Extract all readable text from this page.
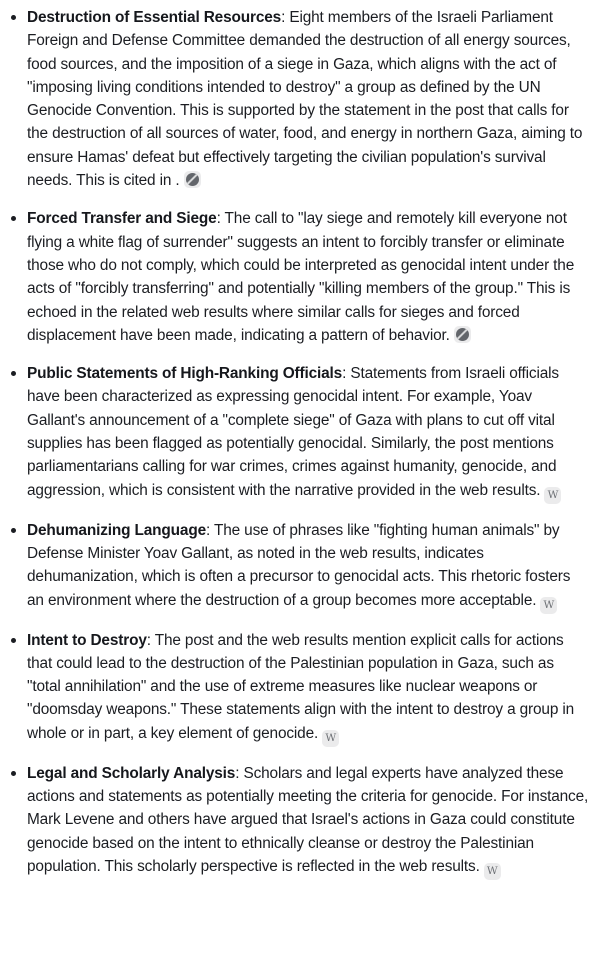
Destruction of Essential Resources: Eight members of the Israeli Parliament Foreign and Defense Committee demanded the destruction of all energy sources, food sources, and the imposition of a siege in Gaza, which aligns with the act of "imposing living conditions intended to destroy" a group as defined by the UN Genocide Convention. This is supported by the statement in the post that calls for the destruction of all sources of water, food, and energy in northern Gaza, aiming to ensure Hamas' defeat but effectively targeting the civilian population's survival needs. This is cited in .
Forced Transfer and Siege: The call to "lay siege and remotely kill everyone not flying a white flag of surrender" suggests an intent to forcibly transfer or eliminate those who do not comply, which could be interpreted as genocidal intent under the acts of "forcibly transferring" and potentially "killing members of the group." This is echoed in the related web results where similar calls for sieges and forced displacement have been made, indicating a pattern of behavior.
Public Statements of High-Ranking Officials: Statements from Israeli officials have been characterized as expressing genocidal intent. For example, Yoav Gallant's announcement of a "complete siege" of Gaza with plans to cut off vital supplies has been flagged as potentially genocidal. Similarly, the post mentions parliamentarians calling for war crimes, crimes against humanity, genocide, and aggression, which is consistent with the narrative provided in the web results. W
Dehumanizing Language: The use of phrases like "fighting human animals" by Defense Minister Yoav Gallant, as noted in the web results, indicates dehumanization, which is often a precursor to genocidal acts. This rhetoric fosters an environment where the destruction of a group becomes more acceptable. W
Intent to Destroy: The post and the web results mention explicit calls for actions that could lead to the destruction of the Palestinian population in Gaza, such as "total annihilation" and the use of extreme measures like nuclear weapons or "doomsday weapons." These statements align with the intent to destroy a group in whole or in part, a key element of genocide. W
Legal and Scholarly Analysis: Scholars and legal experts have analyzed these actions and statements as potentially meeting the criteria for genocide. For instance, Mark Levene and others have argued that Israel's actions in Gaza could constitute genocide based on the intent to ethnically cleanse or destroy the Palestinian population. This scholarly perspective is reflected in the web results. W
